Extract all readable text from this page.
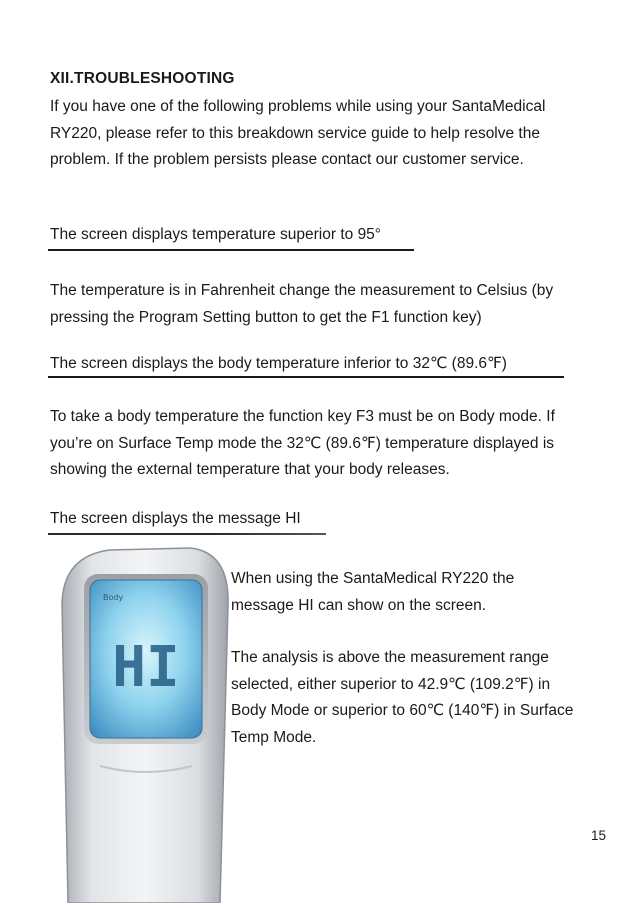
XII.TROUBLESHOOTING
If you have one of the following problems while using your SantaMedical RY220, please refer to this breakdown service guide to help resolve the problem. If the problem persists please contact our customer service.
The screen displays temperature superior to 95°
The temperature is in Fahrenheit change the measurement to Celsius (by pressing the Program Setting button to get the F1 function key)
The screen displays the body temperature inferior to 32℃ (89.6℉)
To take a body temperature the function key F3 must be on Body mode. If you’re on Surface Temp mode the 32℃ (89.6℉) temperature displayed is showing the external temperature that your body releases.
The screen displays the message HI
Body
HI
When using the SantaMedical RY220 the message HI can show on the screen.
The analysis is above the measurement range selected, either superior to 42.9℃ (109.2℉) in Body Mode or superior to 60℃ (140℉) in Surface Temp Mode.
15
